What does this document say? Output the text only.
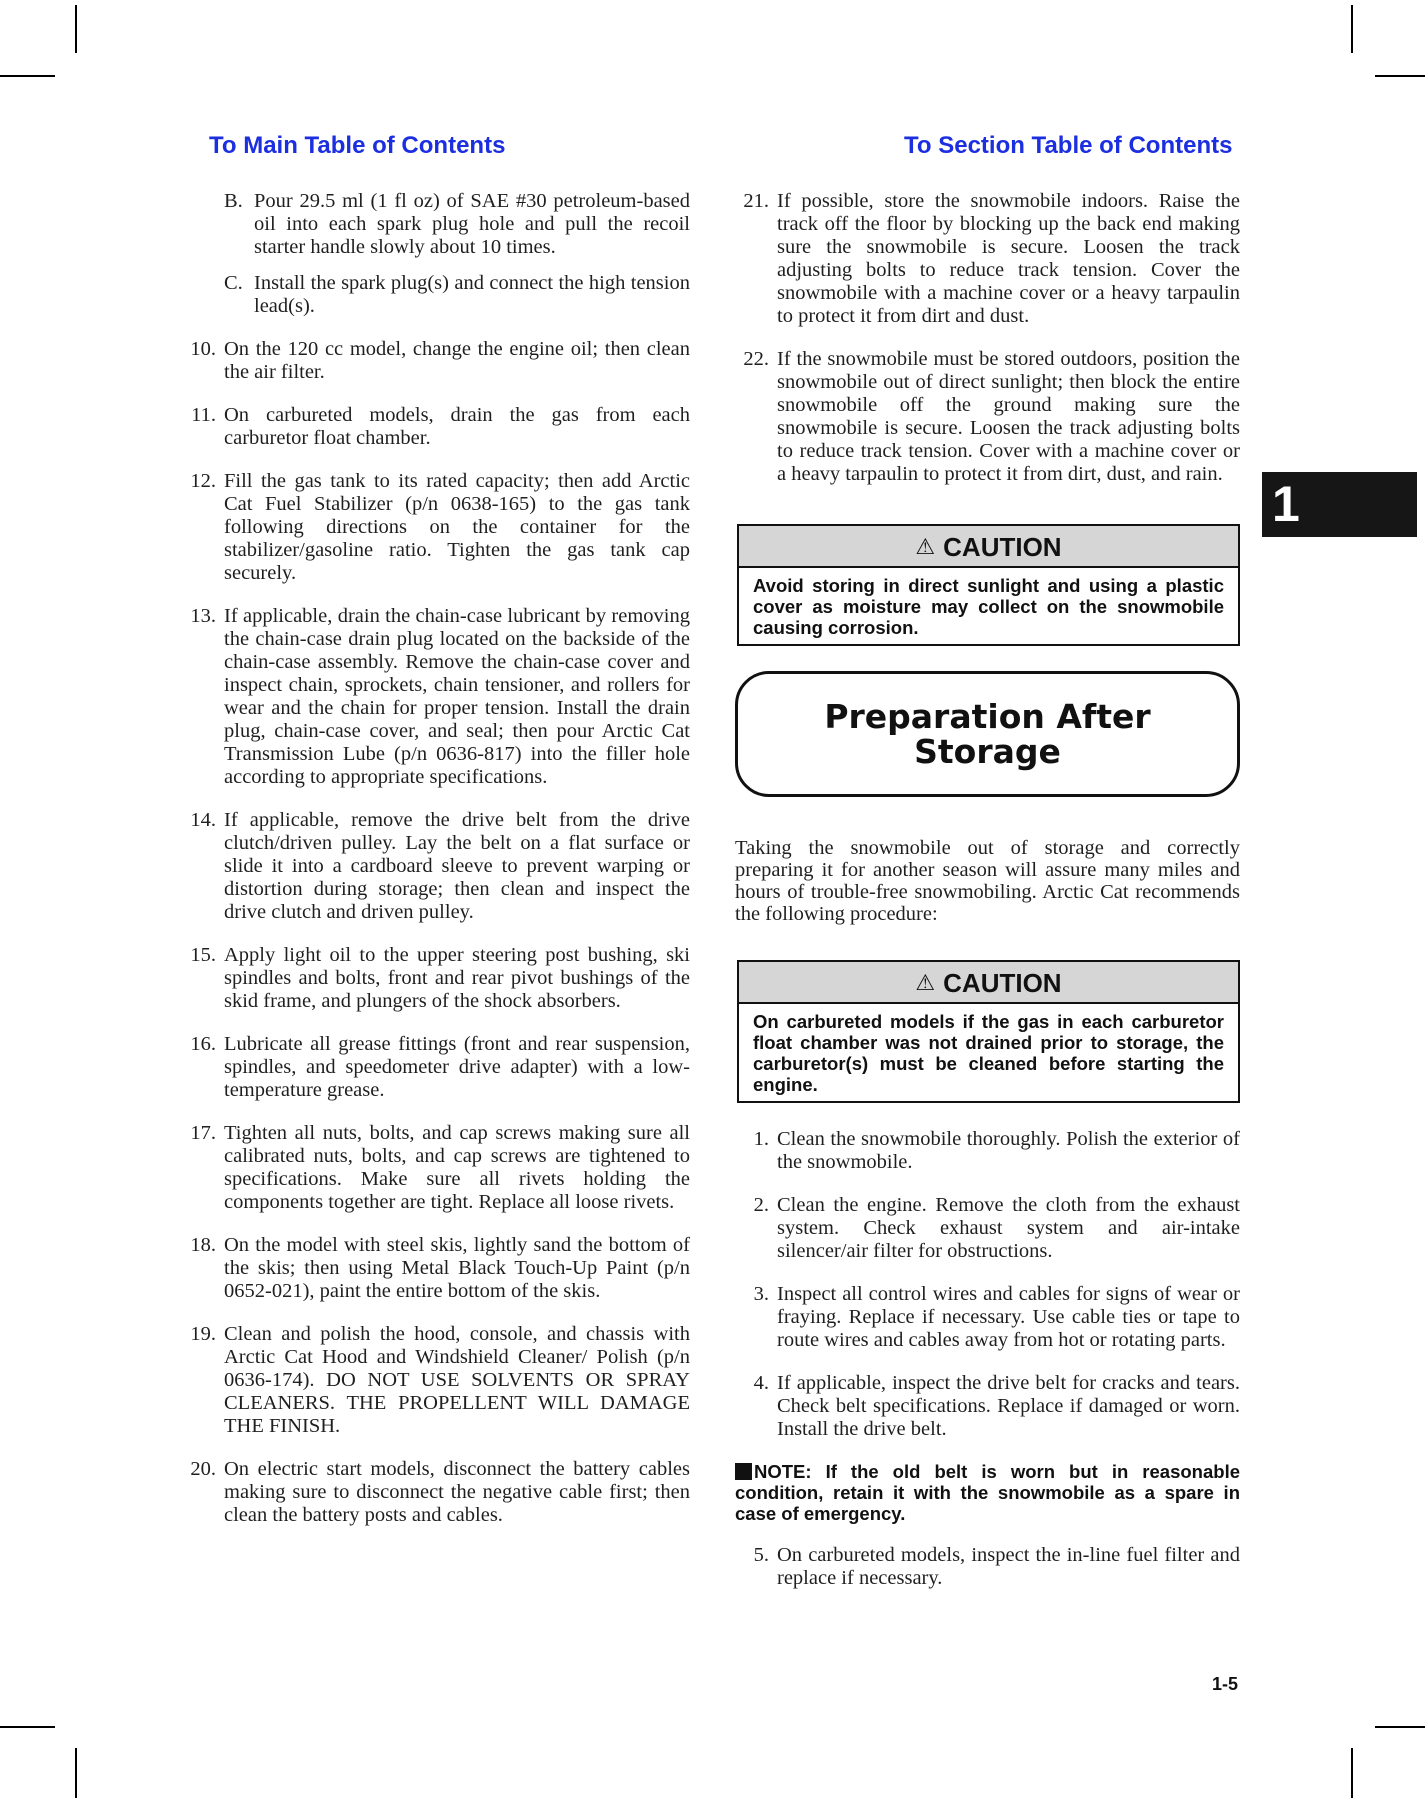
To Main Table of Contents	To Section Table of Contents
B. Pour 29.5 ml (1 fl oz) of SAE #30 petroleum-based oil into each spark plug hole and pull the recoil starter handle slowly about 10 times.
C. Install the spark plug(s) and connect the high tension lead(s).
10. On the 120 cc model, change the engine oil; then clean the air filter.
11. On carbureted models, drain the gas from each carburetor float chamber.
12. Fill the gas tank to its rated capacity; then add Arctic Cat Fuel Stabilizer (p/n 0638-165) to the gas tank following directions on the container for the stabilizer/gasoline ratio. Tighten the gas tank cap securely.
13. If applicable, drain the chain-case lubricant by removing the chain-case drain plug located on the backside of the chain-case assembly. Remove the chain-case cover and inspect chain, sprockets, chain tensioner, and rollers for wear and the chain for proper tension. Install the drain plug, chain-case cover, and seal; then pour Arctic Cat Transmission Lube (p/n 0636-817) into the filler hole according to appropriate specifications.
14. If applicable, remove the drive belt from the drive clutch/driven pulley. Lay the belt on a flat surface or slide it into a cardboard sleeve to prevent warping or distortion during storage; then clean and inspect the drive clutch and driven pulley.
15. Apply light oil to the upper steering post bushing, ski spindles and bolts, front and rear pivot bushings of the skid frame, and plungers of the shock absorbers.
16. Lubricate all grease fittings (front and rear suspension, spindles, and speedometer drive adapter) with a low-temperature grease.
17. Tighten all nuts, bolts, and cap screws making sure all calibrated nuts, bolts, and cap screws are tightened to specifications. Make sure all rivets holding the components together are tight. Replace all loose rivets.
18. On the model with steel skis, lightly sand the bottom of the skis; then using Metal Black Touch-Up Paint (p/n 0652-021), paint the entire bottom of the skis.
19. Clean and polish the hood, console, and chassis with Arctic Cat Hood and Windshield Cleaner/ Polish (p/n 0636-174). DO NOT USE SOLVENTS OR SPRAY CLEANERS. THE PROPELLENT WILL DAMAGE THE FINISH.
20. On electric start models, disconnect the battery cables making sure to disconnect the negative cable first; then clean the battery posts and cables.
21. If possible, store the snowmobile indoors. Raise the track off the floor by blocking up the back end making sure the snowmobile is secure. Loosen the track adjusting bolts to reduce track tension. Cover the snowmobile with a machine cover or a heavy tarpaulin to protect it from dirt and dust.
22. If the snowmobile must be stored outdoors, position the snowmobile out of direct sunlight; then block the entire snowmobile off the ground making sure the snowmobile is secure. Loosen the track adjusting bolts to reduce track tension. Cover with a machine cover or a heavy tarpaulin to protect it from dirt, dust, and rain.
⚠ CAUTION
Avoid storing in direct sunlight and using a plastic cover as moisture may collect on the snowmobile causing corrosion.
Preparation After
Storage
Taking the snowmobile out of storage and correctly preparing it for another season will assure many miles and hours of trouble-free snowmobiling. Arctic Cat recommends the following procedure:
⚠ CAUTION
On carbureted models if the gas in each carburetor float chamber was not drained prior to storage, the carburetor(s) must be cleaned before starting the engine.
1. Clean the snowmobile thoroughly. Polish the exterior of the snowmobile.
2. Clean the engine. Remove the cloth from the exhaust system. Check exhaust system and air-intake silencer/air filter for obstructions.
3. Inspect all control wires and cables for signs of wear or fraying. Replace if necessary. Use cable ties or tape to route wires and cables away from hot or rotating parts.
4. If applicable, inspect the drive belt for cracks and tears. Check belt specifications. Replace if damaged or worn. Install the drive belt.
NOTE: If the old belt is worn but in reasonable condition, retain it with the snowmobile as a spare in case of emergency.
5. On carbureted models, inspect the in-line fuel filter and replace if necessary.
1
1-5
